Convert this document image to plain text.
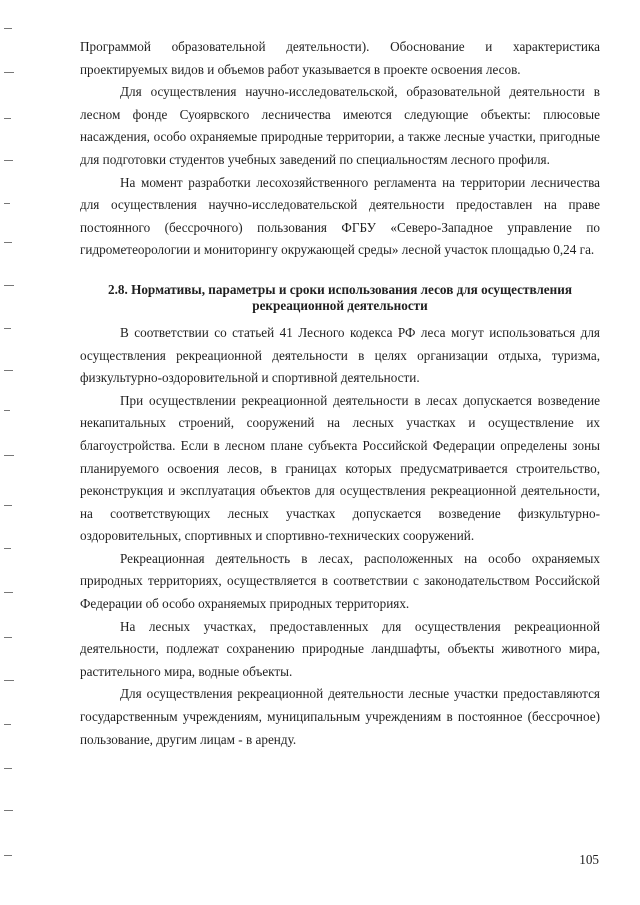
Программой образовательной деятельности). Обоснование и характеристика проектируемых видов и объемов работ указывается в проекте освоения лесов.

Для осуществления научно-исследовательской, образовательной деятельности в лесном фонде Суоярвского лесничества имеются следующие объекты: плюсовые насаждения, особо охраняемые природные территории, а также лесные участки, пригодные для подготовки студентов учебных заведений по специальностям лесного профиля.

На момент разработки лесохозяйственного регламента на территории лесничества для осуществления научно-исследовательской деятельности предоставлен на праве постоянного (бессрочного) пользования ФГБУ «Северо-Западное управление по гидрометеорологии и мониторингу окружающей среды» лесной участок площадью 0,24 га.

2.8. Нормативы, параметры и сроки использования лесов для осуществления
рекреационной деятельности

В соответствии со статьей 41 Лесного кодекса РФ леса могут использоваться для осуществления рекреационной деятельности в целях организации отдыха, туризма, физкультурно-оздоровительной и спортивной деятельности.

При осуществлении рекреационной деятельности в лесах допускается возведение некапитальных строений, сооружений на лесных участках и осуществление их благоустройства. Если в лесном плане субъекта Российской Федерации определены зоны планируемого освоения лесов, в границах которых предусматривается строительство, реконструкция и эксплуатация объектов для осуществления рекреационной деятельности, на соответствующих лесных участках допускается возведение физкультурно-оздоровительных, спортивных и спортивно-технических сооружений.

Рекреационная деятельность в лесах, расположенных на особо охраняемых природных территориях, осуществляется в соответствии с законодательством Российской Федерации об особо охраняемых природных территориях.

На лесных участках, предоставленных для осуществления рекреационной деятельности, подлежат сохранению природные ландшафты, объекты животного мира, растительного мира, водные объекты.

Для осуществления рекреационной деятельности лесные участки предоставляются государственным учреждениям, муниципальным учреждениям в постоянное (бессрочное) пользование, другим лицам - в аренду.

105
